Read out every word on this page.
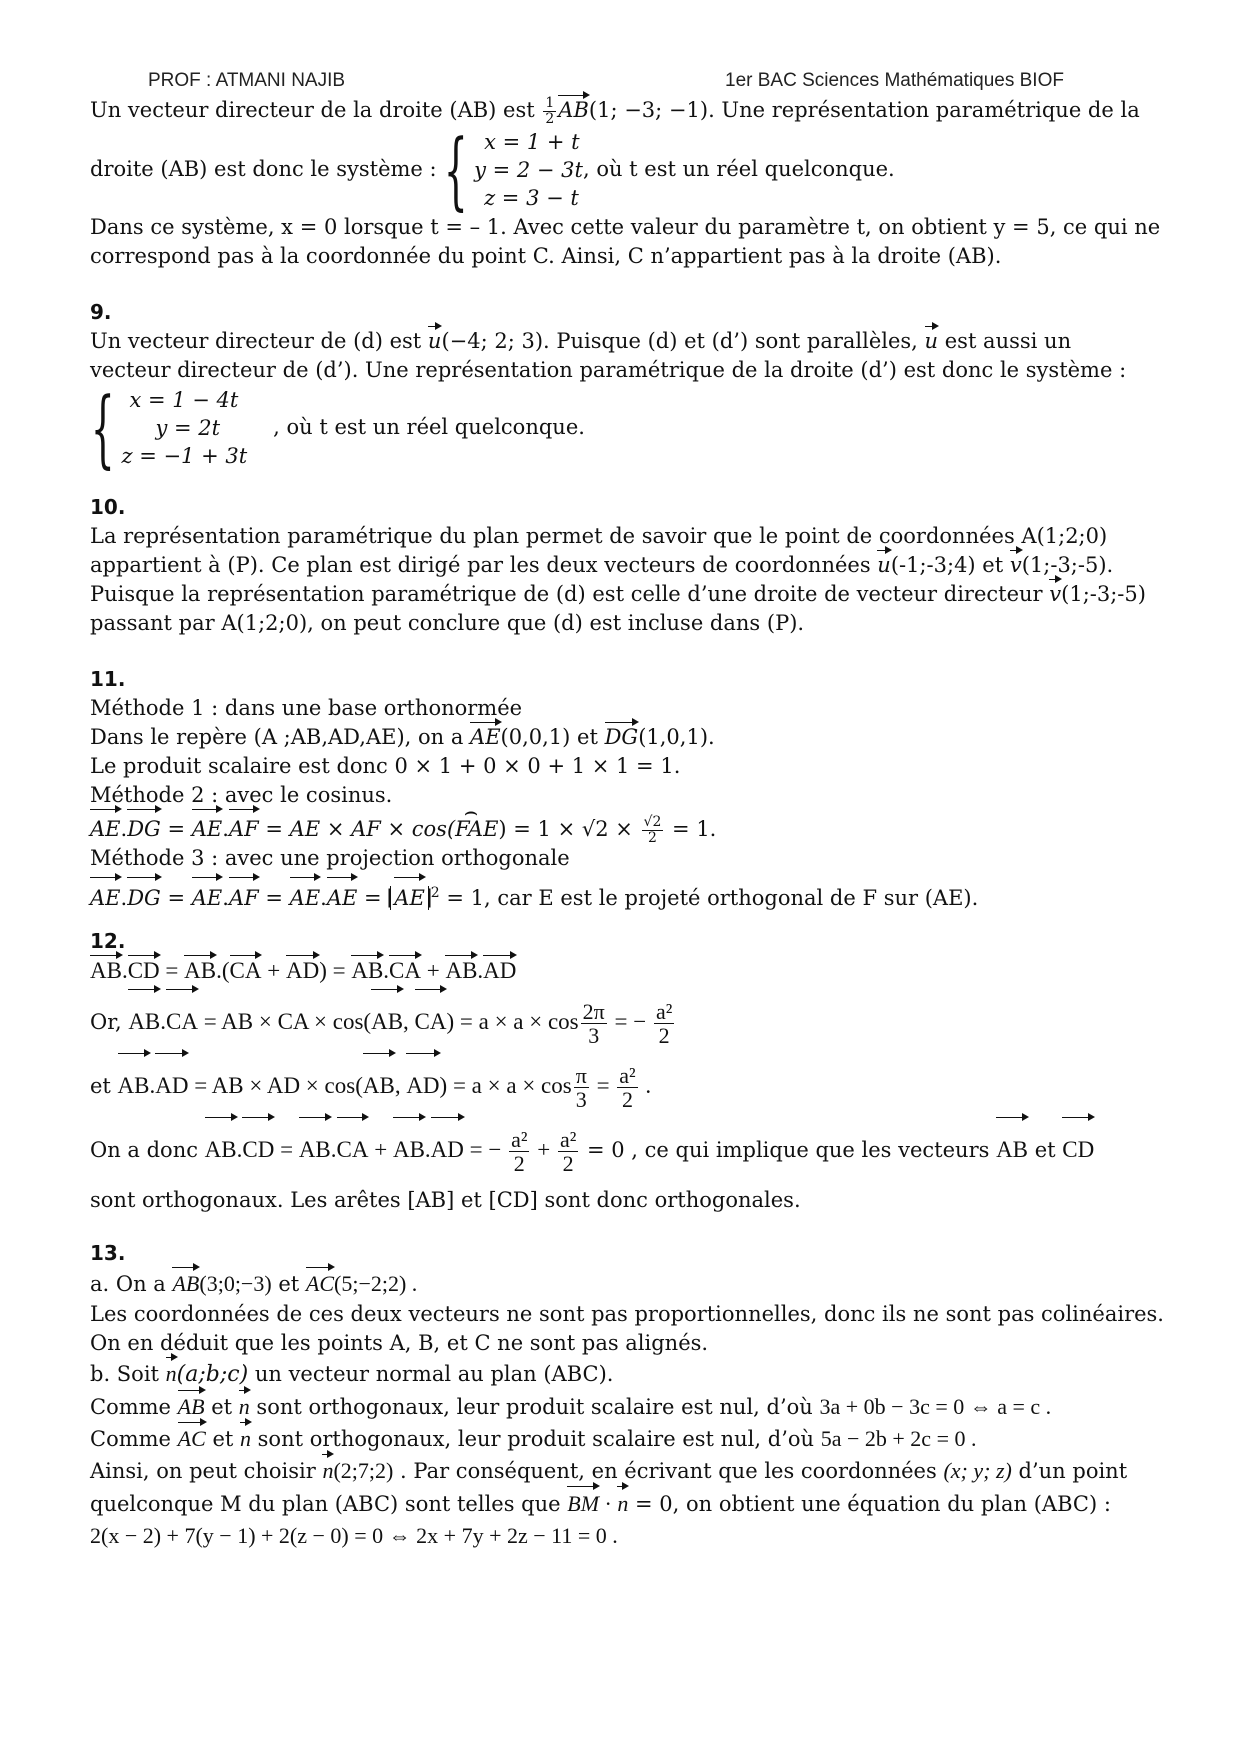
PROF : ATMANI NAJIB	1er BAC Sciences Mathématiques BIOF
Un vecteur directeur de la droite (AB) est $\frac{1}{2} AB(1$; −3; −1). Une représentation paramétrique de la
droite (AB) est donc le système : { x = 1 + t
y = 2 − 3t
z = 3 − t
, où t est un réel quelconque.
Dans ce système, x = 0 lorsque t = – 1. Avec cette valeur du paramètre t, on obtient y = 5, ce qui ne
correspond pas à la coordonnée du point C. Ainsi, C n’appartient pas à la droite (AB).
9.
Un vecteur directeur de (d) est u(−4; 2; 3). Puisque (d) et (d’) sont parallèles, u est aussi un
vecteur directeur de (d’). Une représentation paramétrique de la droite (d’) est donc le système :
{ x = 1 − 4t
y = 2t
z = −1 + 3t
, où t est un réel quelconque.
10.
La représentation paramétrique du plan permet de savoir que le point de coordonnées A(1;2;0)
appartient à (P). Ce plan est dirigé par les deux vecteurs de coordonnées u(-1;-3;4) et v(1;-3;-5).
Puisque la représentation paramétrique de (d) est celle d’une droite de vecteur directeur v(1;-3;-5)
passant par A(1;2;0), on peut conclure que (d) est incluse dans (P).
11.
Méthode 1 : dans une base orthonormée
Dans le repère (A ;AB,AD,AE), on a AE(0,0,1) et DG(1,0,1).
Le produit scalaire est donc 0 × 1 + 0 × 0 + 1 × 1 = 1.
Méthode 2 : avec le cosinus.
AE.DG = AE.AF = AE × AF × cos(⌢ $FAE) = 1 \times √2 \times \frac{√2}{2} = 1$.
Méthode 3 : avec une projection orthogonale
AE.DG = AE.AF = AE.AE = AE $^2$ = 1, car E est le projeté orthogonal de F sur (AE).
12.
AB.CD = AB.(CA + AD) = AB.CA + AB.AD
Or, AB.CA = AB × CA × cos(AB, $CA) = a \times a \times \cos \frac{2\pi}{3}$ = − $\frac{\text{a²}}{2}$
et AB.AD = AB × AD × cos(AB, $AD) = a \times a \times \cos \frac{\pi}{3} = \frac{\text{a²}}{2}$ .
On a donc AB.CD = AB.CA + AB.AD = − $\frac{\text{a²}}{2} + \frac{\text{a²}}{2} = 0$ , ce qui implique que les vecteurs AB et CD
sont orthogonaux. Les arêtes [AB] et [CD] sont donc orthogonales.
13.
a. On a AB(3;0;−3) et AC(5;−2;2) .
Les coordonnées de ces deux vecteurs ne sont pas proportionnelles, donc ils ne sont pas colinéaires.
On en déduit que les points A, B, et C ne sont pas alignés.
b. Soit n(a;b;c) un vecteur normal au plan (ABC).
Comme AB et n sont orthogonaux, leur produit scalaire est nul, d’où 3a + 0b − 3c = 0 ⇔ a = c .
Comme AC et n sont orthogonaux, leur produit scalaire est nul, d’où 5a − 2b + 2c = 0 .
Ainsi, on peut choisir n(2;7;2) . Par conséquent, en écrivant que les coordonnées (x; y; z) d’un point
quelconque M du plan (ABC) sont telles que BM · n = 0, on obtient une équation du plan (ABC) :
2(x − 2) + 7(y − 1) + 2(z − 0) = 0 ⇔ 2x + 7y + 2z − 11 = 0 .
